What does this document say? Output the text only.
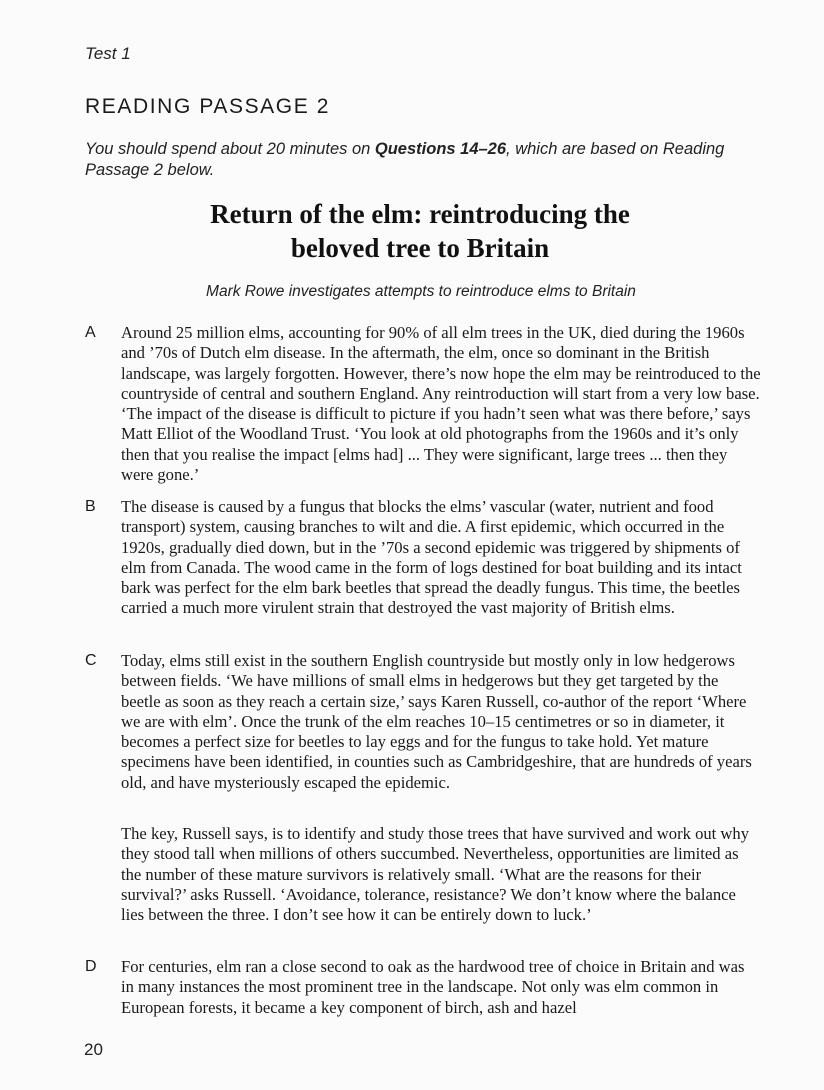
Test 1
READING PASSAGE 2
You should spend about 20 minutes on Questions 14–26, which are based on Reading Passage 2 below.
Return of the elm: reintroducing the
beloved tree to Britain
Mark Rowe investigates attempts to reintroduce elms to Britain
A Around 25 million elms, accounting for 90% of all elm trees in the UK, died during the 1960s and ’70s of Dutch elm disease. In the aftermath, the elm, once so dominant in the British landscape, was largely forgotten. However, there’s now hope the elm may be reintroduced to the countryside of central and southern England. Any reintroduction will start from a very low base. ‘The impact of the disease is difficult to picture if you hadn’t seen what was there before,’ says Matt Elliot of the Woodland Trust. ‘You look at old photographs from the 1960s and it’s only then that you realise the impact [elms had] ... They were significant, large trees ... then they were gone.’
B The disease is caused by a fungus that blocks the elms’ vascular (water, nutrient and food transport) system, causing branches to wilt and die. A first epidemic, which occurred in the 1920s, gradually died down, but in the ’70s a second epidemic was triggered by shipments of elm from Canada. The wood came in the form of logs destined for boat building and its intact bark was perfect for the elm bark beetles that spread the deadly fungus. This time, the beetles carried a much more virulent strain that destroyed the vast majority of British elms.
C Today, elms still exist in the southern English countryside but mostly only in low hedgerows between fields. ‘We have millions of small elms in hedgerows but they get targeted by the beetle as soon as they reach a certain size,’ says Karen Russell, co-author of the report ‘Where we are with elm’. Once the trunk of the elm reaches 10–15 centimetres or so in diameter, it becomes a perfect size for beetles to lay eggs and for the fungus to take hold. Yet mature specimens have been identified, in counties such as Cambridgeshire, that are hundreds of years old, and have mysteriously escaped the epidemic.
The key, Russell says, is to identify and study those trees that have survived and work out why they stood tall when millions of others succumbed. Nevertheless, opportunities are limited as the number of these mature survivors is relatively small. ‘What are the reasons for their survival?’ asks Russell. ‘Avoidance, tolerance, resistance? We don’t know where the balance lies between the three. I don’t see how it can be entirely down to luck.’
D For centuries, elm ran a close second to oak as the hardwood tree of choice in Britain and was in many instances the most prominent tree in the landscape. Not only was elm common in European forests, it became a key component of birch, ash and hazel
20
